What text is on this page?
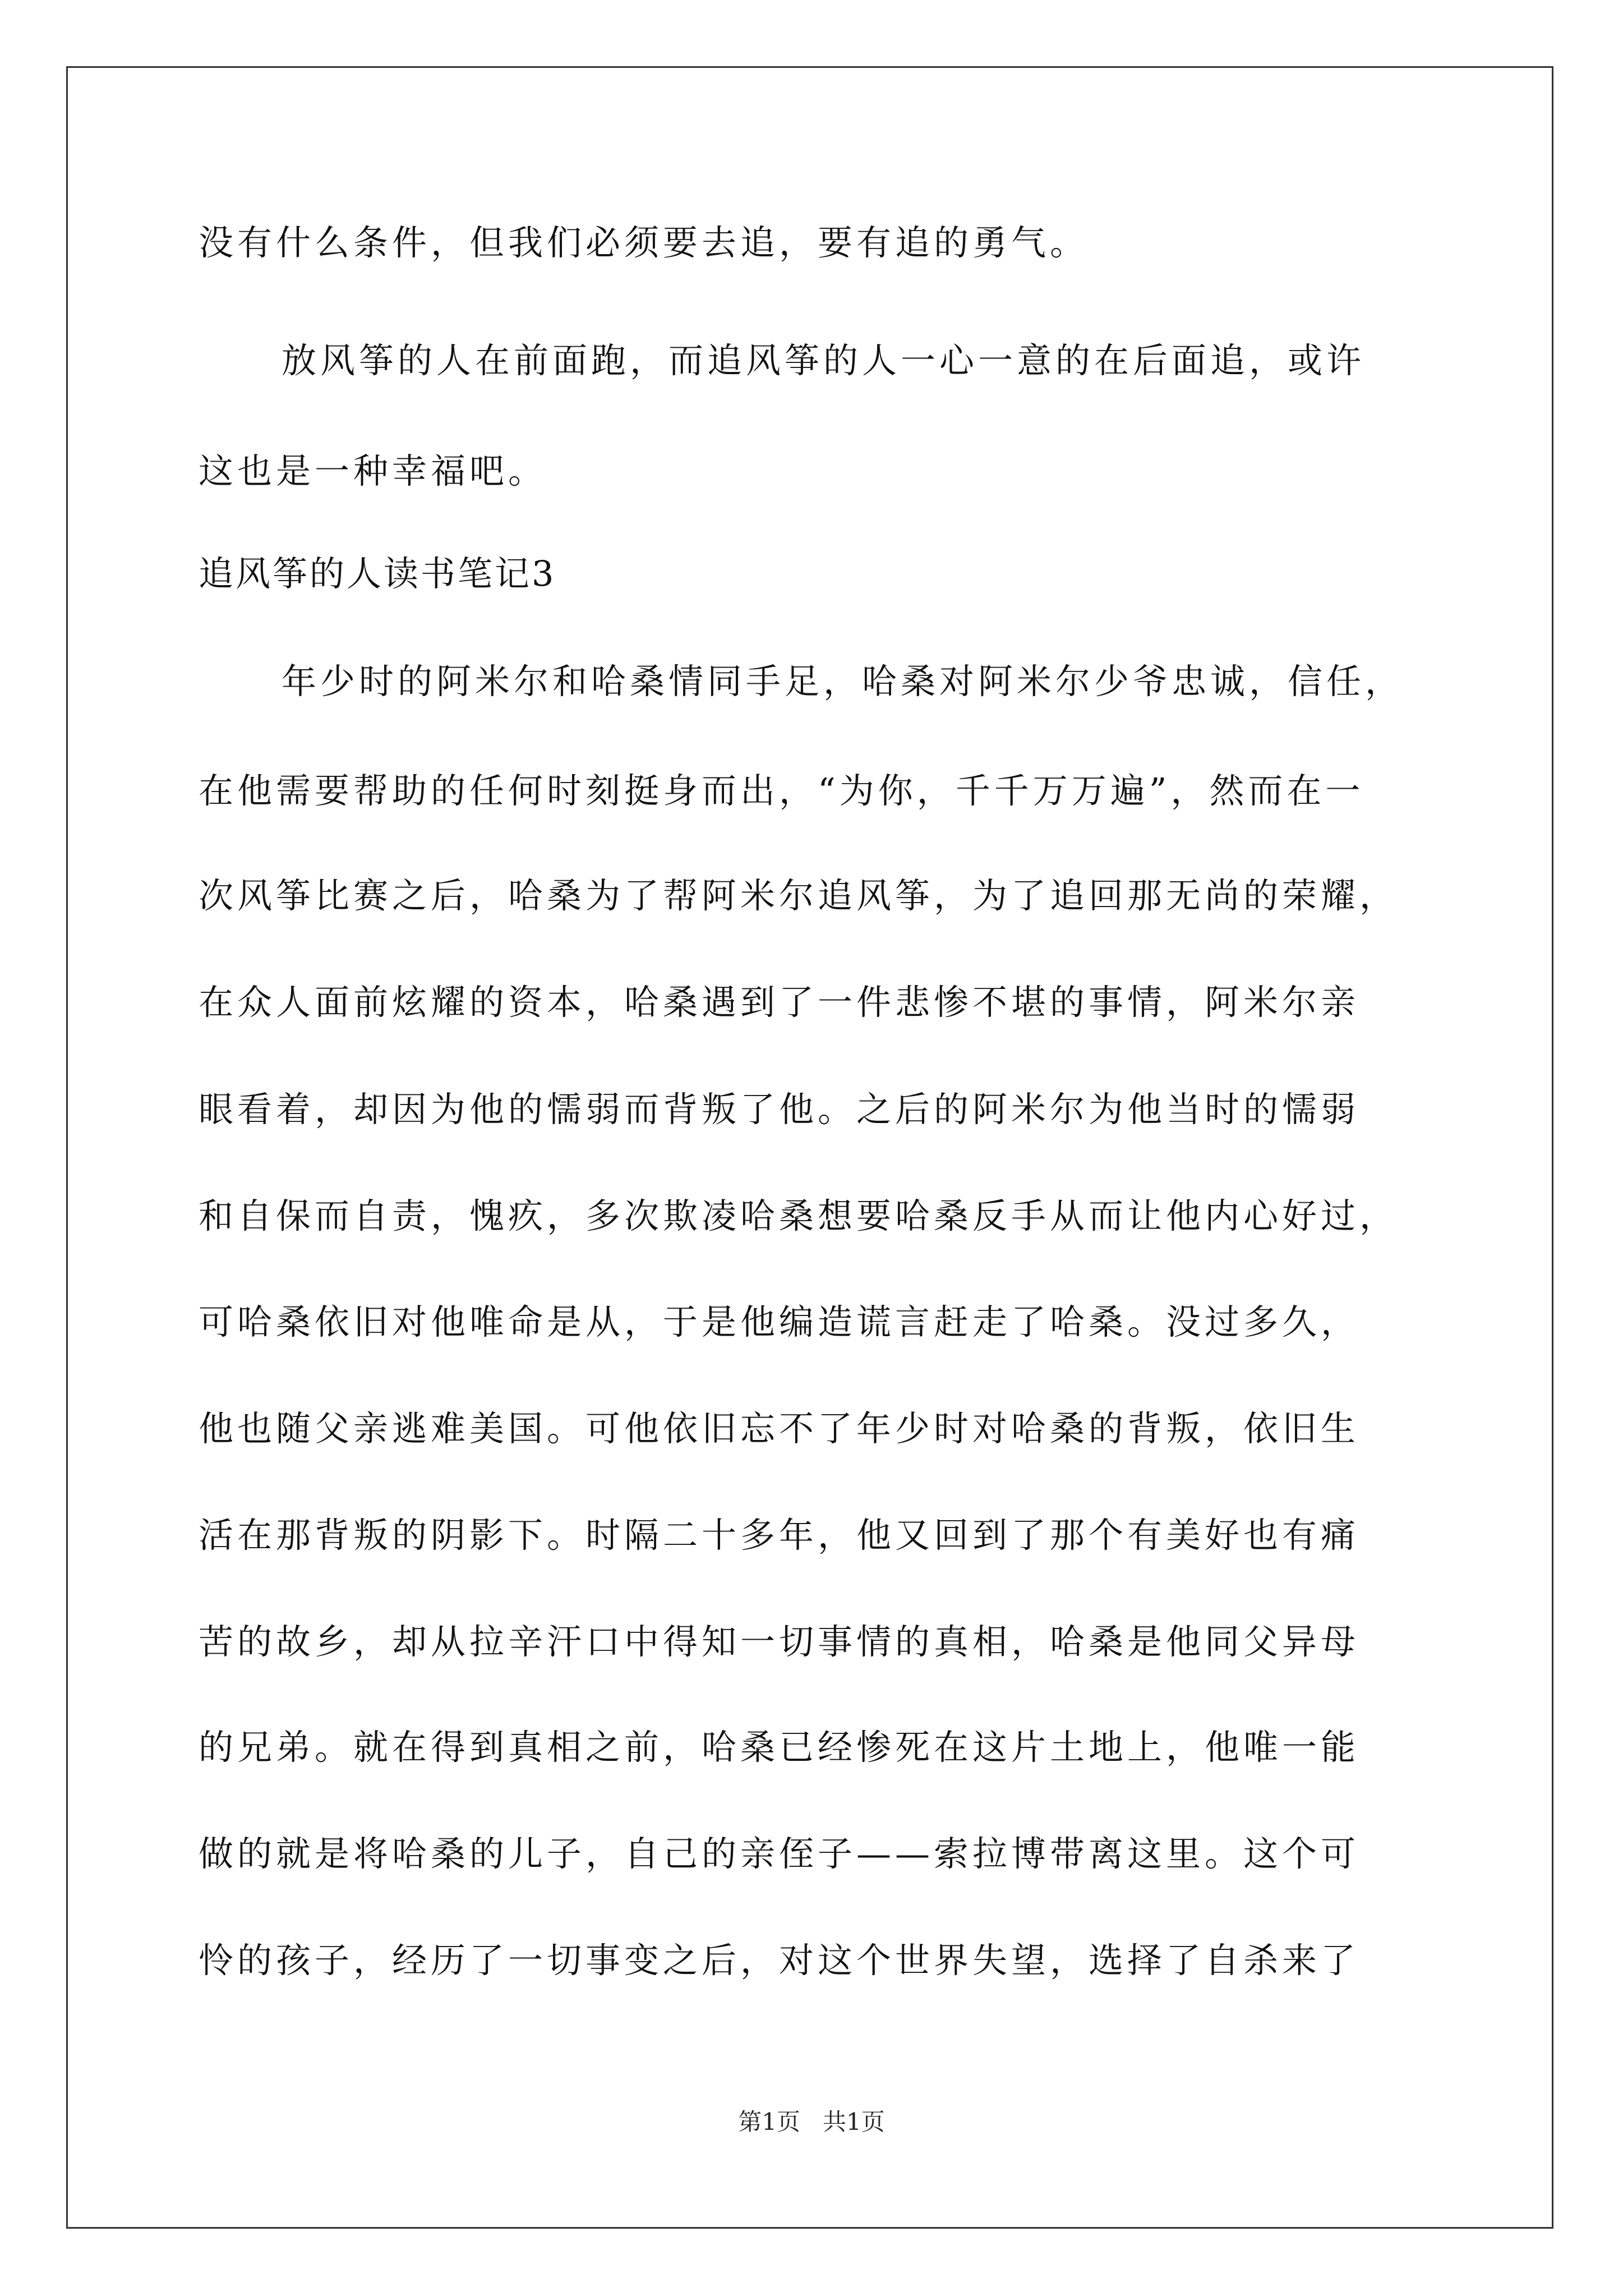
没有什么条件，但我们必须要去追，要有追的勇气。
放风筝的人在前面跑，而追风筝的人一心一意的在后面追，或许
这也是一种幸福吧。
追风筝的人读书笔记3
年少时的阿米尔和哈桑情同手足，哈桑对阿米尔少爷忠诚，信任，
在他需要帮助的任何时刻挺身而出，“为你，千千万万遍”，然而在一
次风筝比赛之后，哈桑为了帮阿米尔追风筝，为了追回那无尚的荣耀，
在众人面前炫耀的资本，哈桑遇到了一件悲惨不堪的事情，阿米尔亲
眼看着，却因为他的懦弱而背叛了他。之后的阿米尔为他当时的懦弱
和自保而自责，愧疚，多次欺凌哈桑想要哈桑反手从而让他内心好过，
可哈桑依旧对他唯命是从，于是他编造谎言赶走了哈桑。没过多久，
他也随父亲逃难美国。可他依旧忘不了年少时对哈桑的背叛，依旧生
活在那背叛的阴影下。时隔二十多年，他又回到了那个有美好也有痛
苦的故乡，却从拉辛汗口中得知一切事情的真相，哈桑是他同父异母
的兄弟。就在得到真相之前，哈桑已经惨死在这片土地上，他唯一能
做的就是将哈桑的儿子，自己的亲侄子——索拉博带离这里。这个可
怜的孩子，经历了一切事变之后，对这个世界失望，选择了自杀来了
第1页   共1页
